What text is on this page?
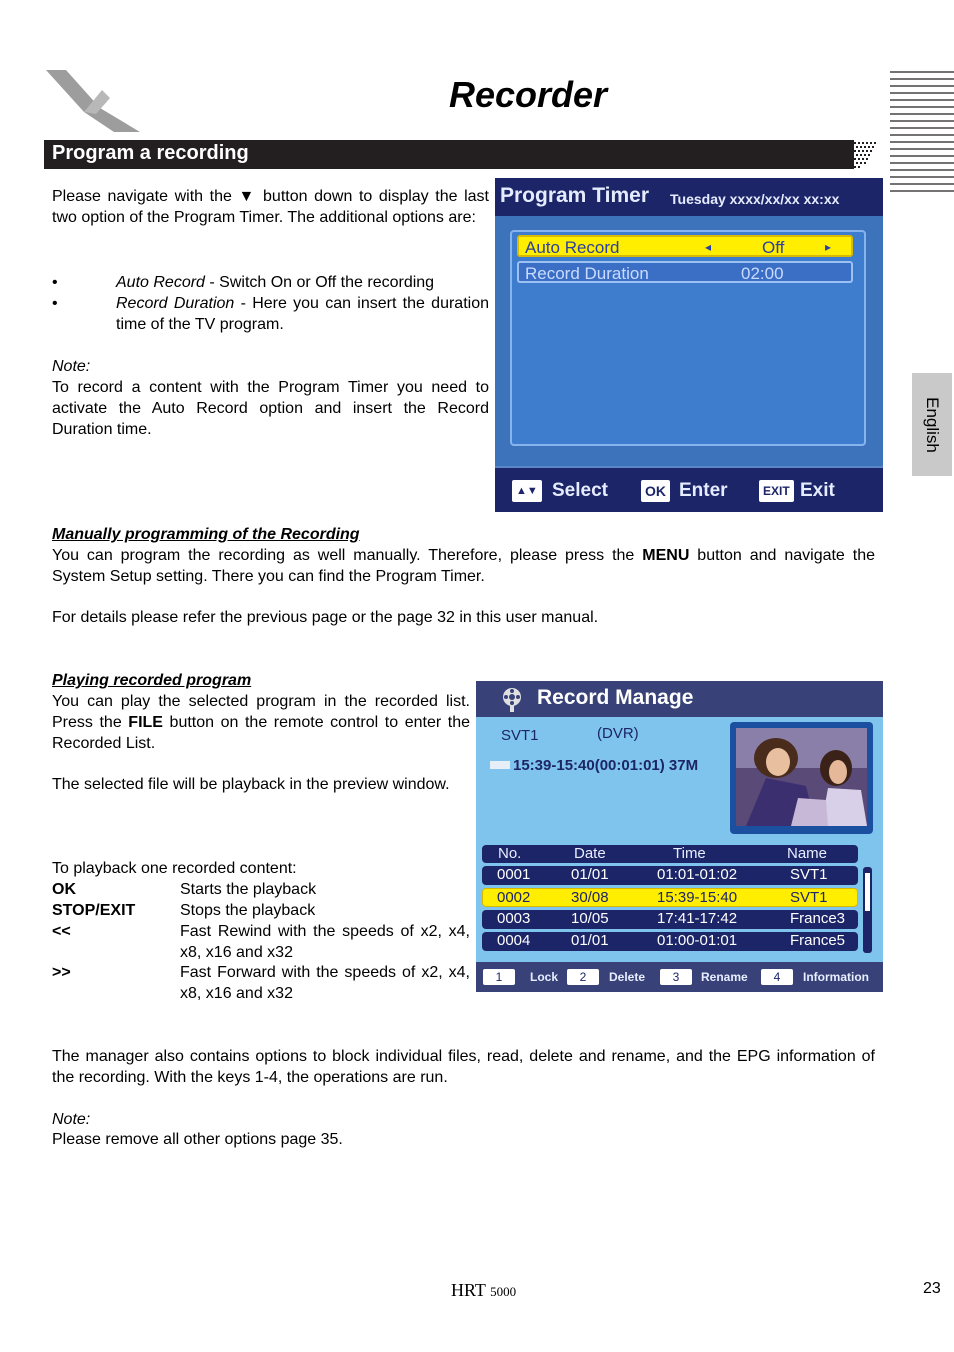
Recorder
Program a recording
English

Please navigate with the ▼ button down to display the last two option of the Program Timer. The additional options are:

•	Auto Record - Switch On or Off the recording
•	Record Duration - Here you can insert the duration time of the TV program.
Note:
To record a content with the Program Timer you need to activate the Auto Record option and insert the Record Duration time.
Program Timer Tuesday xxxx/xx/xx xx:xx
Auto Record	◂	Off	▸
Record Duration	02:00
▲▼ Select	OK Enter	EXIT Exit
Manually programming of the Recording
You can program the recording as well manually. Therefore, please press the MENU button and navigate the System Setup setting. There you can find the Program Timer.
For details please refer the previous page or the page 32 in this user manual.
Playing recorded program
You can play the selected program in the recorded list. Press the FILE button on the remote control to enter the Recorded List.
The selected file will be playback in the preview window.
To playback one recorded content:
OK	Starts the playback
STOP/EXIT	Stops the playback
<<	Fast Rewind with the speeds of x2, x4, x8, x16 and x32
>>	Fast Forward with the speeds of x2, x4, x8, x16 and x32
Record Manage
SVT1	(DVR)
15:39-15:40(00:01:01) 37M
No.	Date	Time	Name
0001	01/01	01:01-01:02	SVT1
0002	30/08	15:39-15:40	SVT1
0003	10/05	17:41-17:42	France3
0004	01/01	01:00-01:01	France5
1	Lock	2	Delete	3	Rename	4	Information
The manager also contains options to block individual files, read, delete and rename, and the EPG information of the recording. With the keys 1-4, the operations are run.
Note:
Please remove all other options page 35.
HRT 5000	23
